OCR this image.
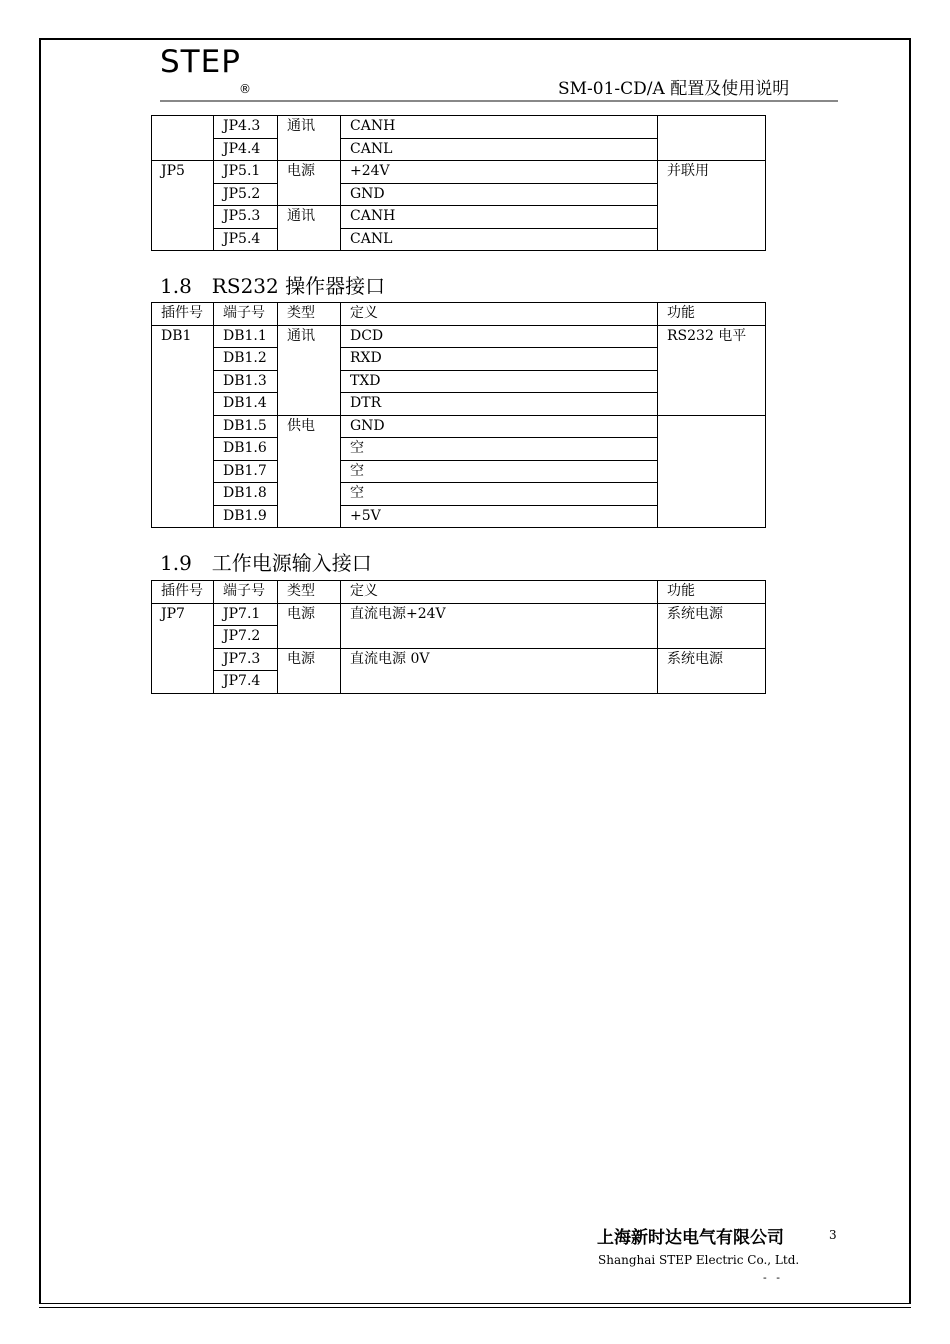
STEP
®	SM-01-CD/A 配置及使用说明
	JP4.3	通讯	CANH	
	JP4.4		CANL	
JP5	JP5.1	电源	+24V	并联用
	JP5.2		GND	
	JP5.3	通讯	CANH	
	JP5.4		CANL	
1.8　RS232 操作器接口
插件号	端子号	类型	定义	功能
DB1	DB1.1	通讯	DCD	RS232 电平
	DB1.2		RXD	
	DB1.3		TXD	
	DB1.4		DTR	
	DB1.5	供电	GND	
	DB1.6		空	
	DB1.7		空	
	DB1.8		空	
	DB1.9		+5V	
1.9　工作电源输入接口
插件号	端子号	类型	定义	功能
JP7	JP7.1	电源	直流电源+24V	系统电源
	JP7.2			
	JP7.3	电源	直流电源 0V	系统电源
	JP7.4			
上海新时达电气有限公司	3
Shanghai STEP Electric Co., Ltd.
- -
